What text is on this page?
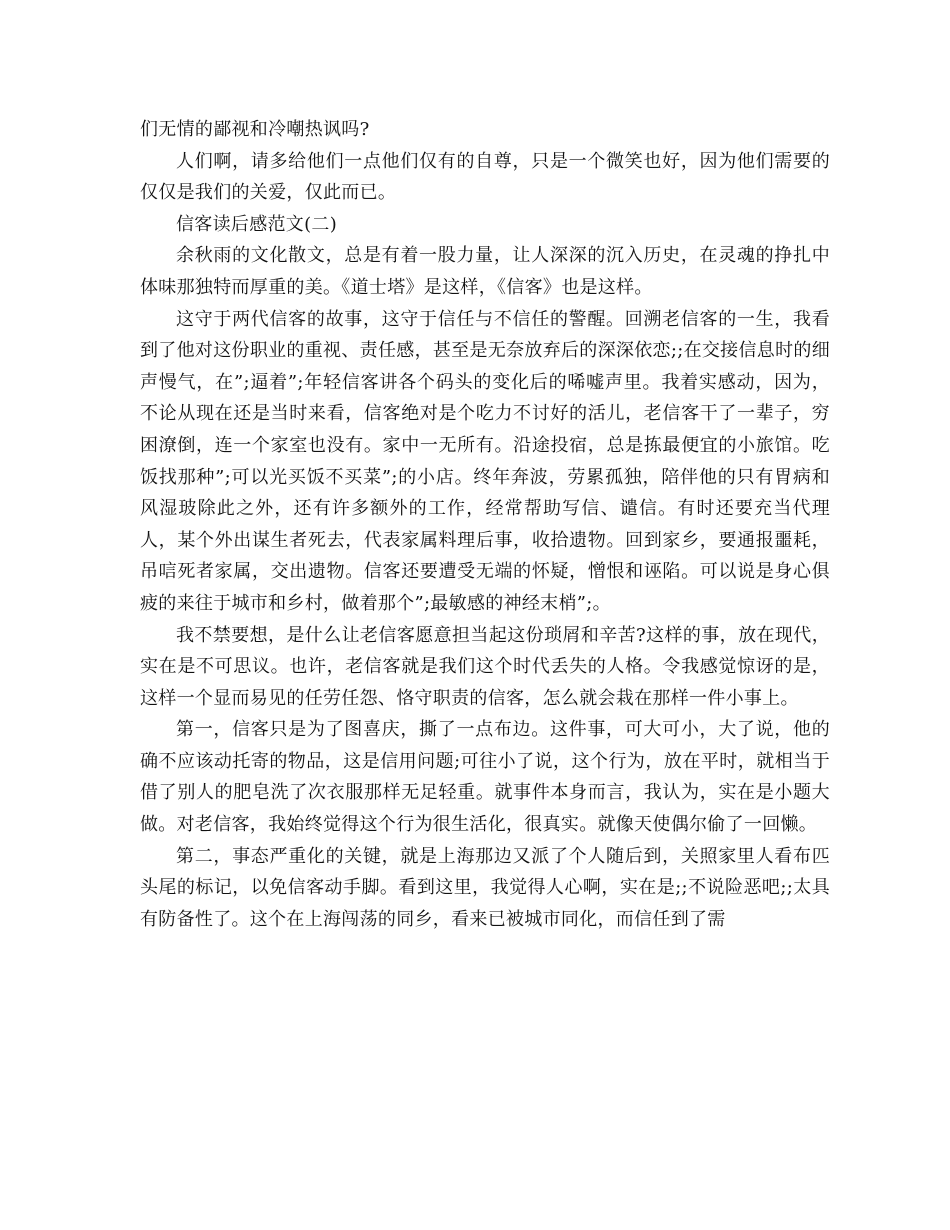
们无情的鄙视和冷嘲热讽吗?

人们啊，请多给他们一点他们仅有的自尊，只是一个微笑也好，因为他们需要的仅仅是我们的关爱，仅此而已。

信客读后感范文(二)

余秋雨的文化散文，总是有着一股力量，让人深深的沉入历史，在灵魂的挣扎中体味那独特而厚重的美。《道士塔》是这样，《信客》也是这样。

这守于两代信客的故事，这守于信任与不信任的警醒。回溯老信客的一生，我看到了他对这份职业的重视、责任感，甚至是无奈放弃后的深深依恋;;在交接信息时的细声慢气，在”;逼着”;年轻信客讲各个码头的变化后的唏嘘声里。我着实感动，因为，不论从现在还是当时来看，信客绝对是个吃力不讨好的活儿，老信客干了一辈子，穷困潦倒，连一个家室也没有。家中一无所有。沿途投宿，总是拣最便宜的小旅馆。吃饭找那种”;可以光买饭不买菜”;的小店。终年奔波，劳累孤独，陪伴他的只有胃病和风湿玻除此之外，还有许多额外的工作，经常帮助写信、谴信。有时还要充当代理人，某个外出谋生者死去，代表家属料理后事，收拾遗物。回到家乡，要通报噩耗，吊唁死者家属，交出遗物。信客还要遭受无端的怀疑，憎恨和诬陷。可以说是身心俱疲的来往于城市和乡村，做着那个”;最敏感的神经末梢”;。

我不禁要想，是什么让老信客愿意担当起这份琐屑和辛苦?这样的事，放在现代，实在是不可思议。也许，老信客就是我们这个时代丢失的人格。令我感觉惊讶的是，这样一个显而易见的任劳任怨、恪守职责的信客，怎么就会栽在那样一件小事上。

第一，信客只是为了图喜庆，撕了一点布边。这件事，可大可小，大了说，他的确不应该动托寄的物品，这是信用问题;可往小了说，这个行为，放在平时，就相当于借了别人的肥皂洗了次衣服那样无足轻重。就事件本身而言，我认为，实在是小题大做。对老信客，我始终觉得这个行为很生活化，很真实。就像天使偶尔偷了一回懒。

第二，事态严重化的关键，就是上海那边又派了个人随后到，关照家里人看布匹头尾的标记，以免信客动手脚。看到这里，我觉得人心啊，实在是;;不说险恶吧;;太具有防备性了。这个在上海闯荡的同乡，看来已被城市同化，而信任到了需
